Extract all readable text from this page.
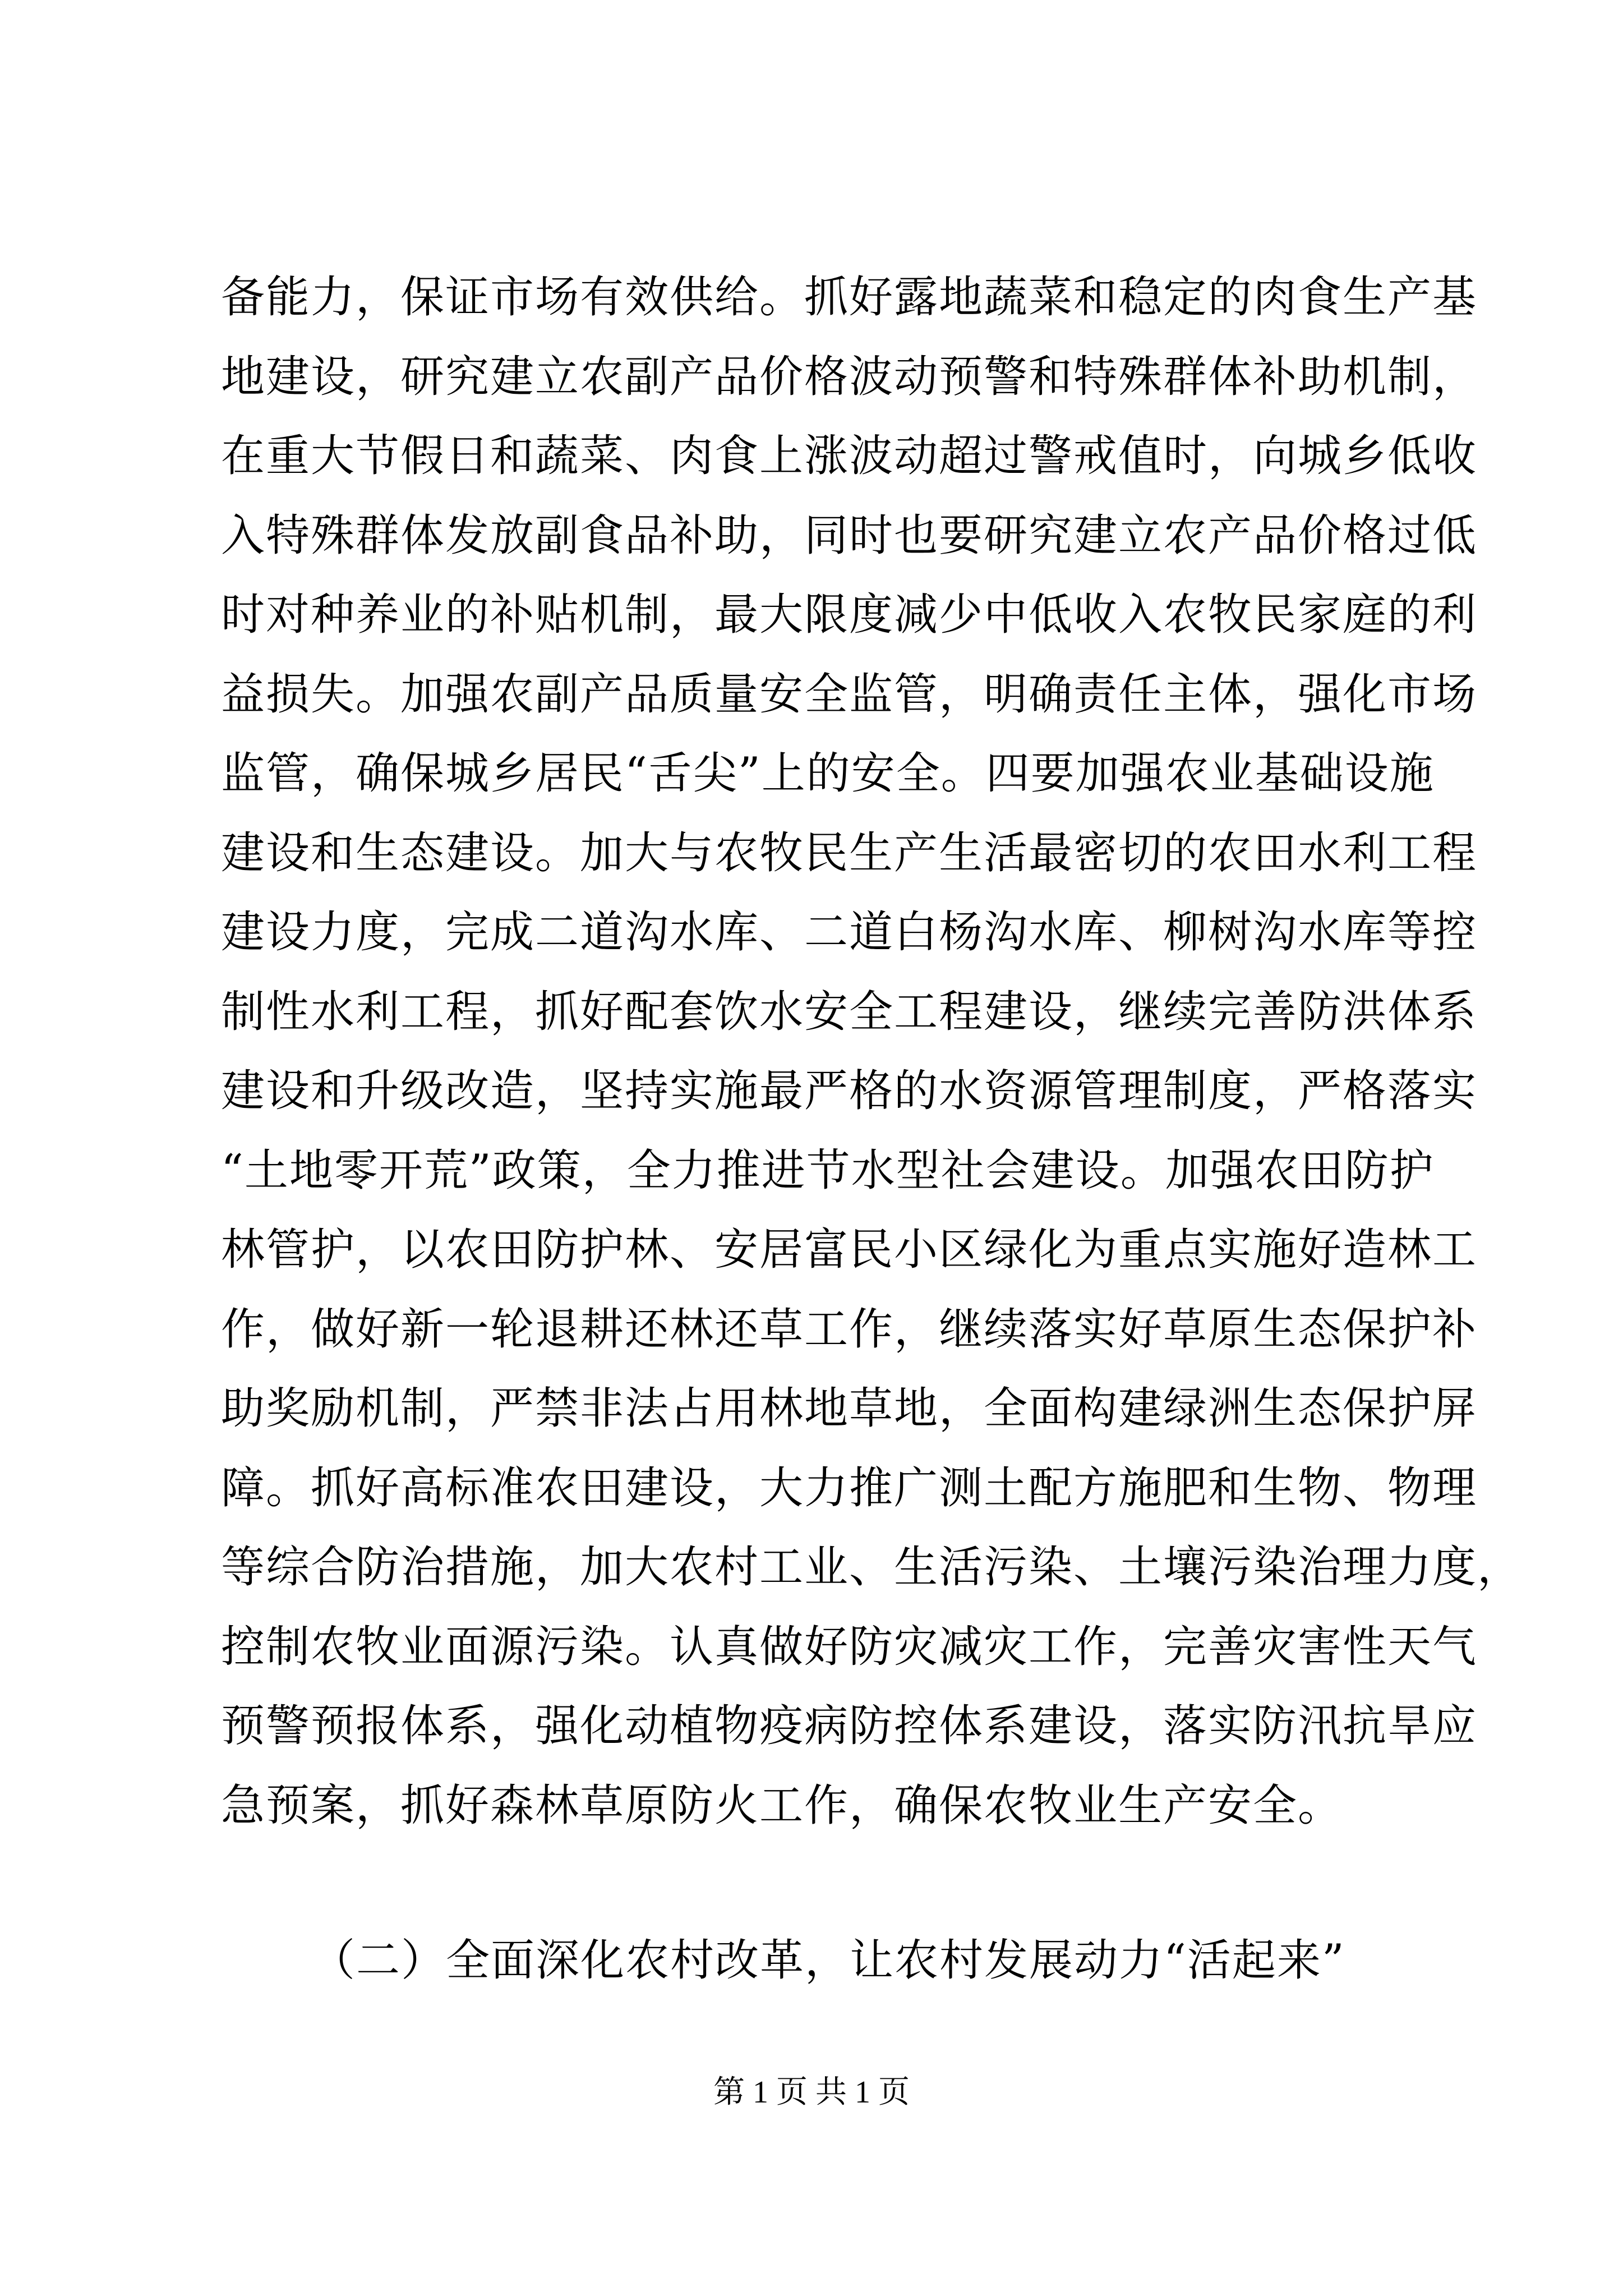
备能力，保证市场有效供给。抓好露地蔬菜和稳定的肉食生产基
地建设，研究建立农副产品价格波动预警和特殊群体补助机制，
在重大节假日和蔬菜、肉食上涨波动超过警戒值时，向城乡低收
入特殊群体发放副食品补助，同时也要研究建立农产品价格过低
时对种养业的补贴机制，最大限度减少中低收入农牧民家庭的利
益损失。加强农副产品质量安全监管，明确责任主体，强化市场
监管，确保城乡居民“舌尖”上的安全。四要加强农业基础设施
建设和生态建设。加大与农牧民生产生活最密切的农田水利工程
建设力度，完成二道沟水库、二道白杨沟水库、柳树沟水库等控
制性水利工程，抓好配套饮水安全工程建设，继续完善防洪体系
建设和升级改造，坚持实施最严格的水资源管理制度，严格落实
“土地零开荒”政策，全力推进节水型社会建设。加强农田防护
林管护，以农田防护林、安居富民小区绿化为重点实施好造林工
作，做好新一轮退耕还林还草工作，继续落实好草原生态保护补
助奖励机制，严禁非法占用林地草地，全面构建绿洲生态保护屏
障。抓好高标准农田建设，大力推广测土配方施肥和生物、物理
等综合防治措施，加大农村工业、生活污染、土壤污染治理力度，
控制农牧业面源污染。认真做好防灾减灾工作，完善灾害性天气
预警预报体系，强化动植物疫病防控体系建设，落实防汛抗旱应
急预案，抓好森林草原防火工作，确保农牧业生产安全。
（二）全面深化农村改革，让农村发展动力“活起来”
第 1 页 共 1 页
